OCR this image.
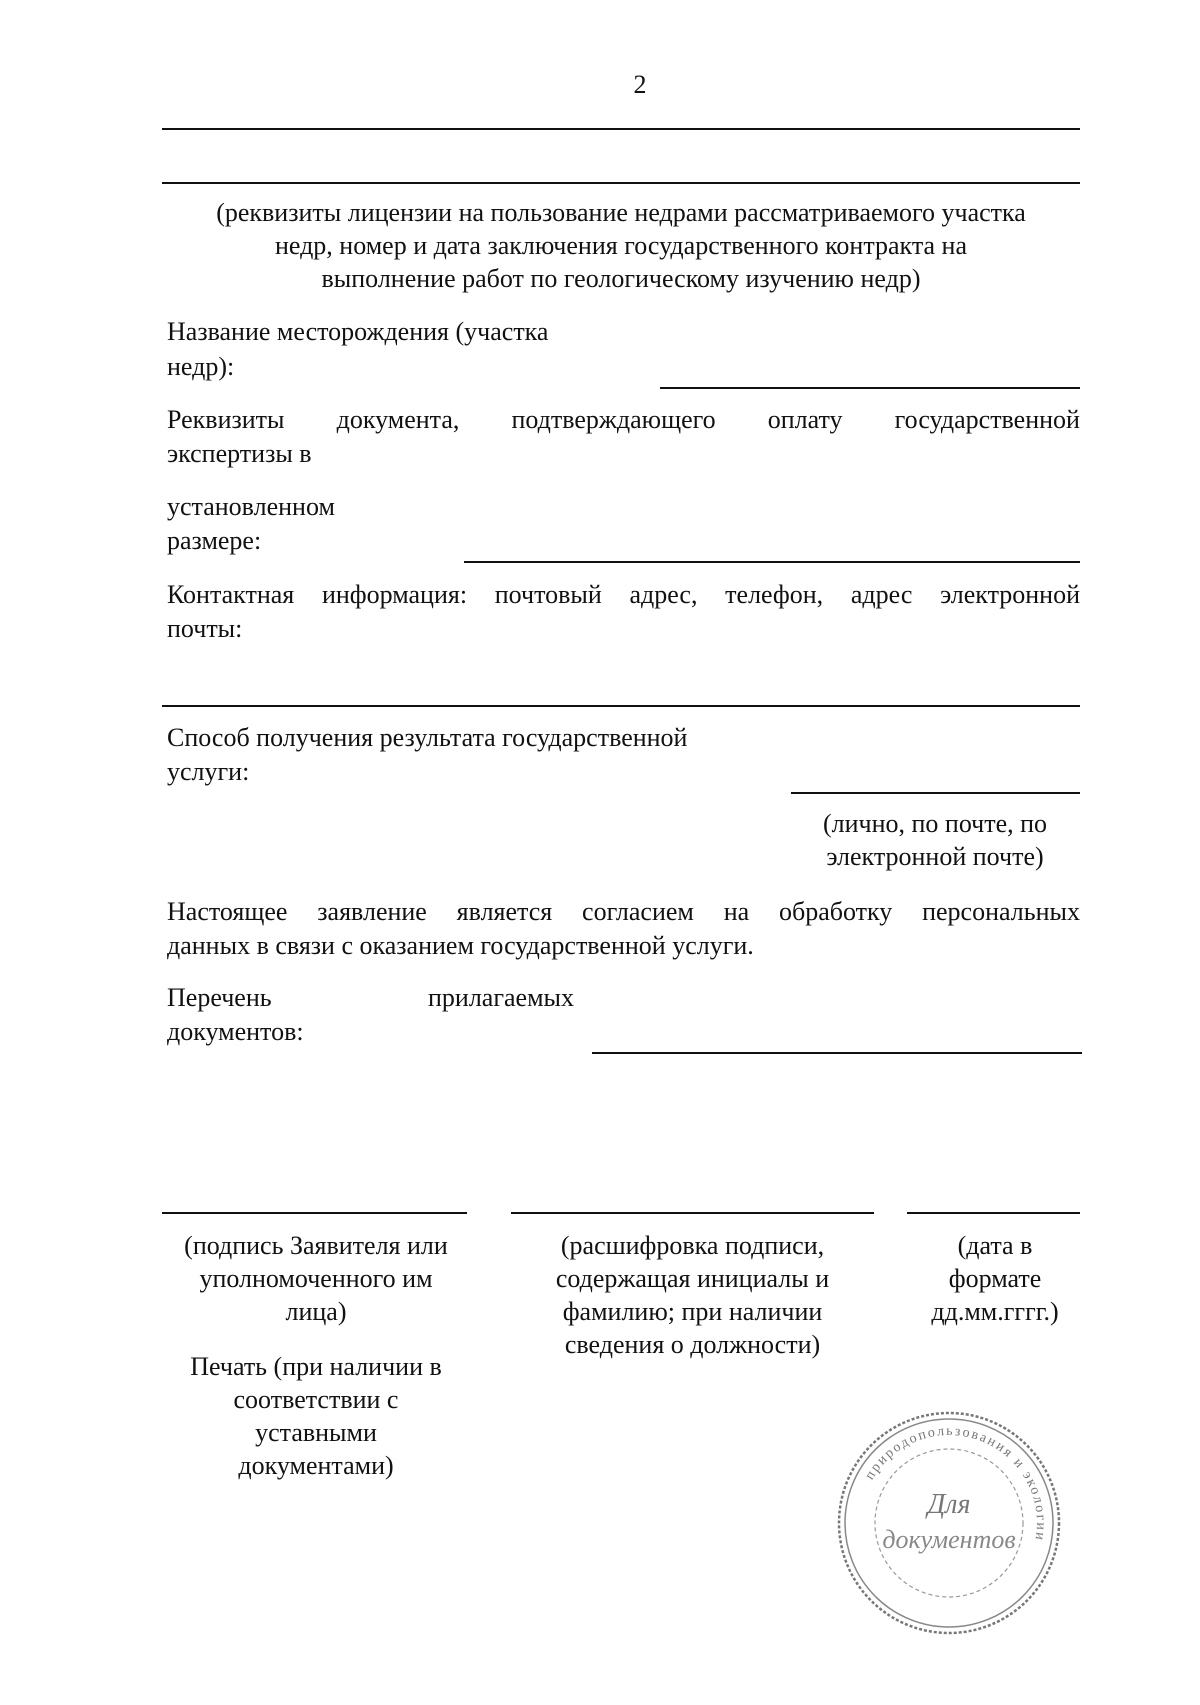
2
(реквизиты лицензии на пользование недрами рассматриваемого участка
недр, номер и дата заключения государственного контракта на
выполнение работ по геологическому изучению недр)
Название месторождения (участка
недр):
Реквизиты документа, подтверждающего оплату государственной
экспертизы в
установленном
размере:
Контактная информация: почтовый адрес, телефон, адрес электронной
почты:
Способ получения результата государственной
услуги:
(лично, по почте, по
электронной почте)
Настоящее заявление является согласием на обработку персональных
данных в связи с оказанием государственной услуги.
Перечень	прилагаемых
документов:
(подпись Заявителя или
уполномоченного им
лица)
(расшифровка подписи,
содержащая инициалы и
фамилию; при наличии
сведения о должности)
(дата в
формате
дд.мм.гггг.)
Печать (при наличии в
соответствии с
уставными
документами)	природопользования и экологии
Для
документов
